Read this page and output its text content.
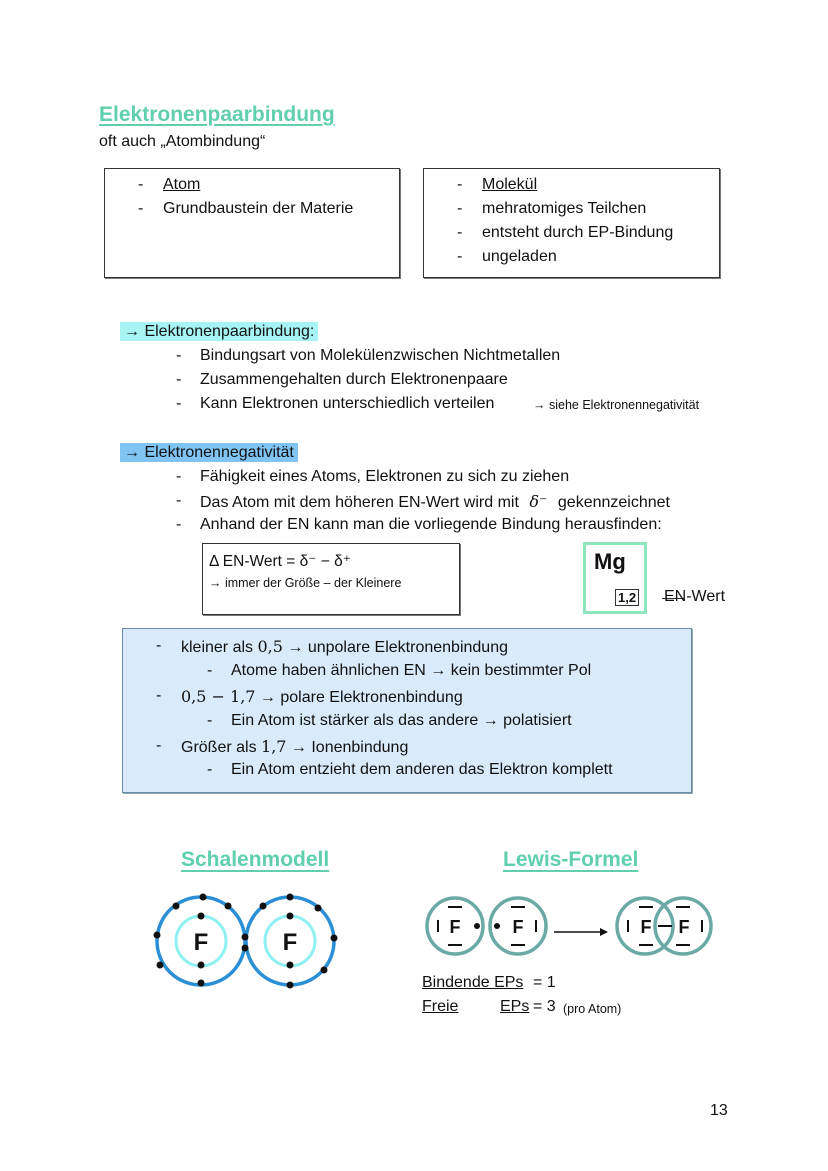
Elektronenpaarbindung
oft auch „Atombindung“
- Atom
- Grundbaustein der Materie
- Molekül
- mehratomiges Teilchen
- entsteht durch EP-Bindung
- ungeladen
→ Elektronenpaarbindung:
- Bindungsart von Molekülenzwischen Nichtmetallen
- Zusammengehalten durch Elektronenpaare
- Kann Elektronen unterschiedlich verteilen	→ siehe Elektronennegativität
→ Elektronennegativität
- Fähigkeit eines Atoms, Elektronen zu sich zu ziehen
- Das Atom mit dem höheren EN-Wert wird mit δ⁻ gekennzeichnet
- Anhand der EN kann man die vorliegende Bindung herausfinden:
Δ EN-Wert = δ⁻ − δ⁺
→ immer der Größe – der Kleinere
Mg
1,2 EN-Wert
- kleiner als 0,5 → unpolare Elektronenbindung
- Atome haben ähnlichen EN → kein bestimmter Pol
- 0,5 − 1,7 → polare Elektronenbindung
- Ein Atom ist stärker als das andere → polatisiert
- Größer als 1,7 → Ionenbindung
- Ein Atom entzieht dem anderen das Elektron komplett
Schalenmodell	Lewis-Formel
F	F
F	F	F F
Bindende EPs = 1
Freie	EPs = 3 (pro Atom)
13
